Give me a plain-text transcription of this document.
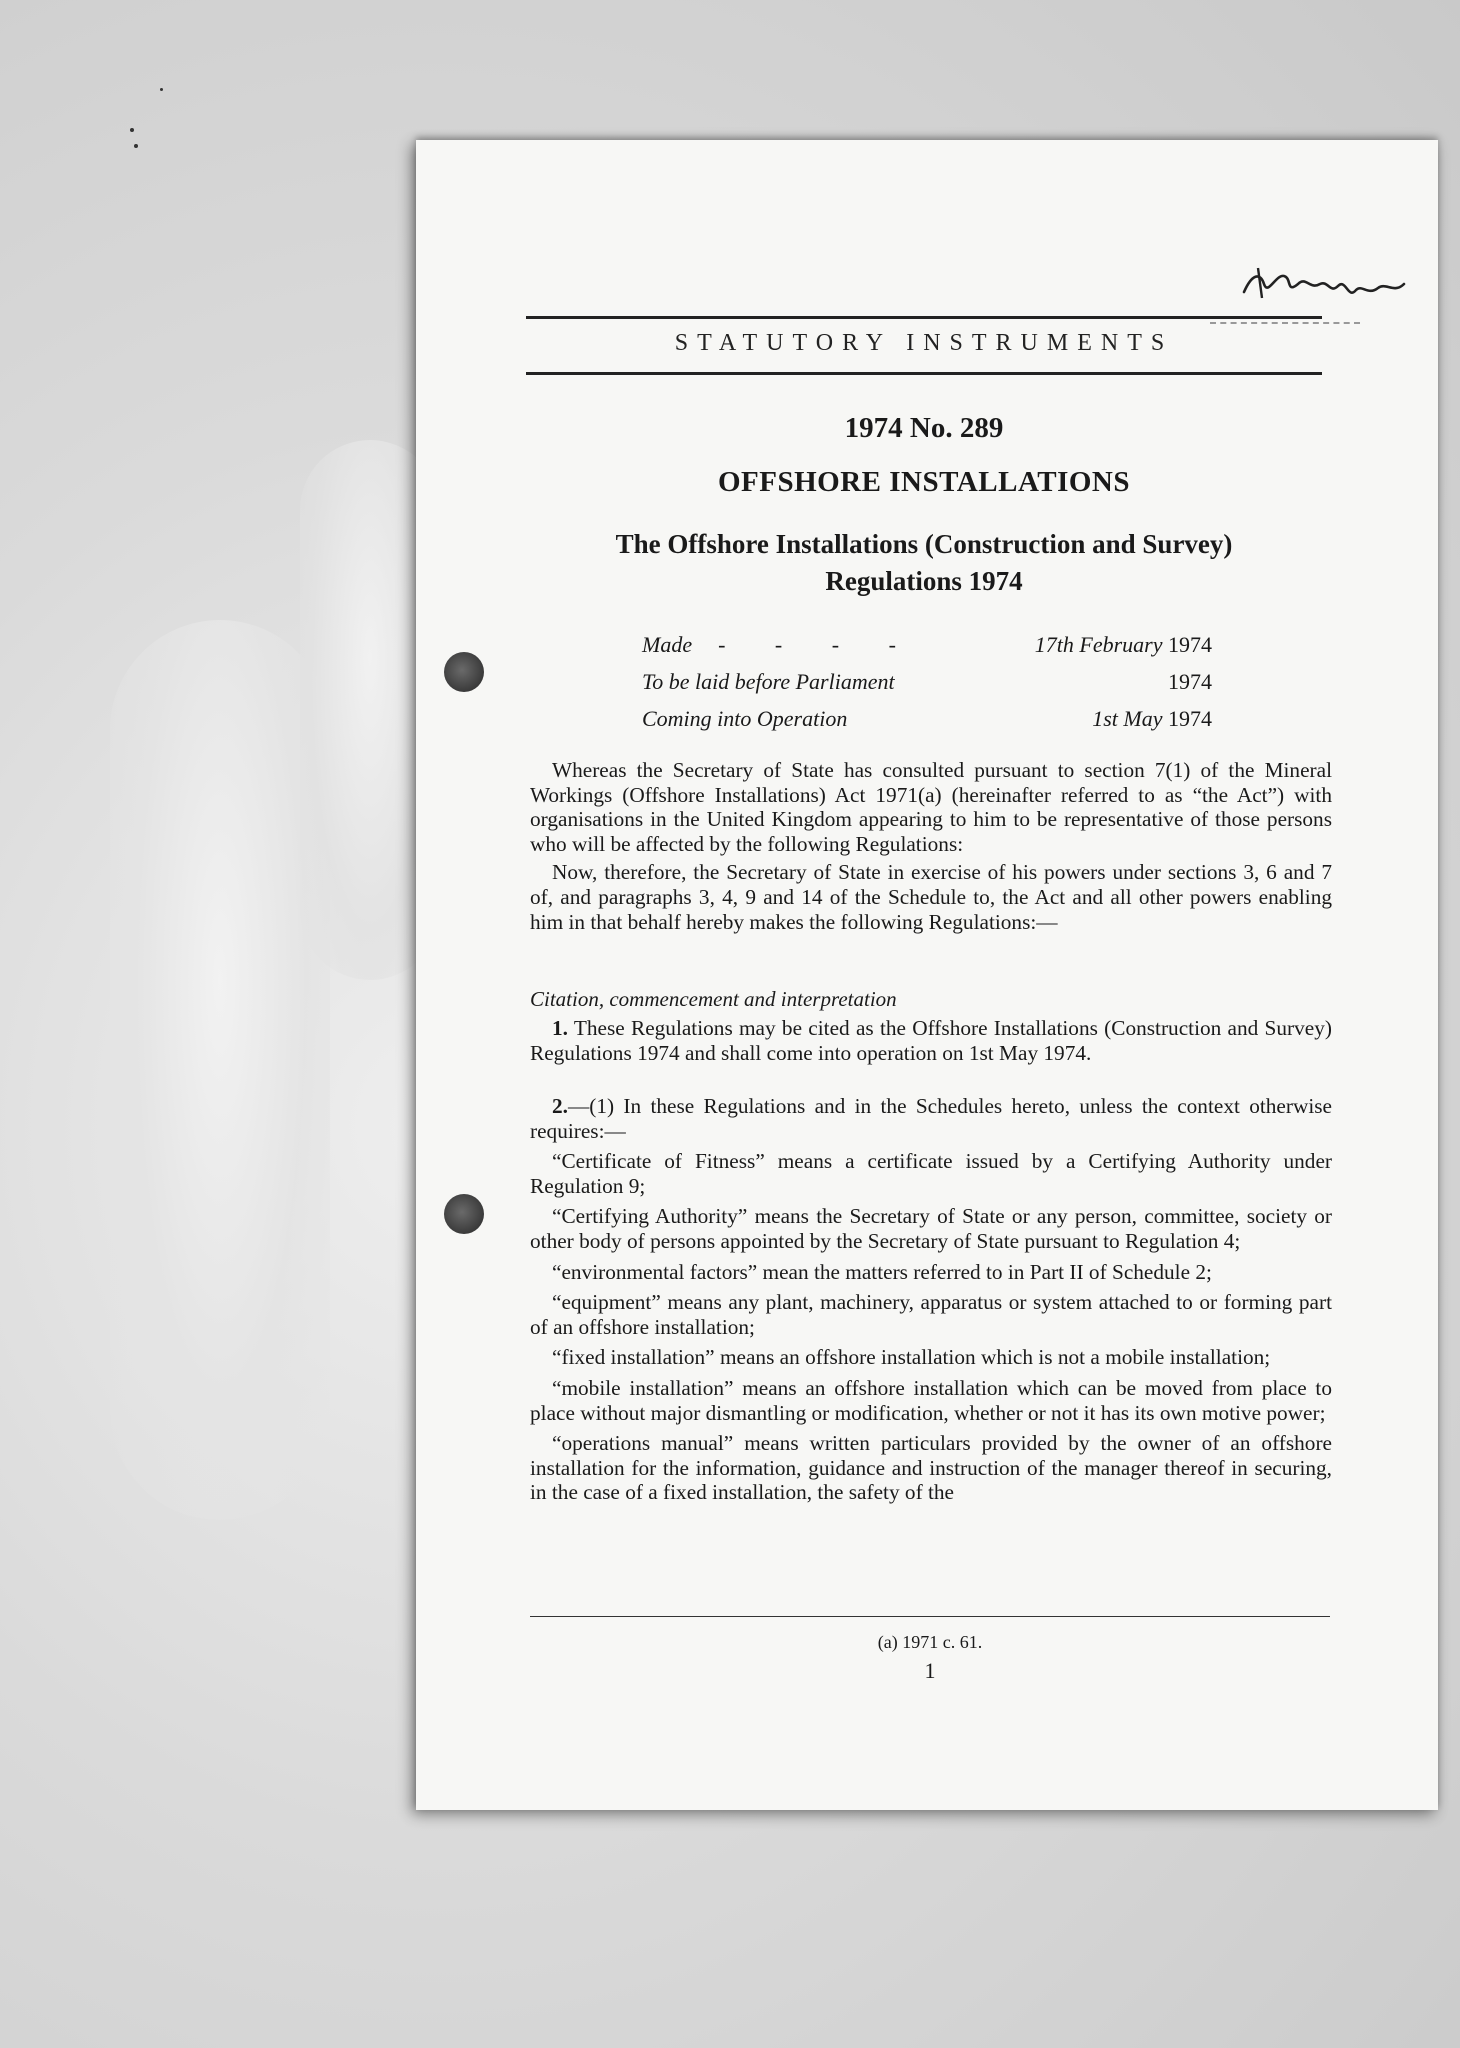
STATUTORY INSTRUMENTS
1974 No. 289
OFFSHORE INSTALLATIONS
The Offshore Installations (Construction and Survey)
Regulations 1974
Made - - - -	17th February 1974
To be laid before Parliament	1974
Coming into Operation	1st May 1974

Whereas the Secretary of State has consulted pursuant to section 7(1) of the Mineral Workings (Offshore Installations) Act 1971(a) (hereinafter referred to as “the Act”) with organisations in the United Kingdom appearing to him to be representative of those persons who will be affected by the following Regulations:

Now, therefore, the Secretary of State in exercise of his powers under sections 3, 6 and 7 of, and paragraphs 3, 4, 9 and 14 of the Schedule to, the Act and all other powers enabling him in that behalf hereby makes the following Regulations:—

Citation, commencement and interpretation

1. These Regulations may be cited as the Offshore Installations (Construction and Survey) Regulations 1974 and shall come into operation on 1st May 1974.

2.—(1) In these Regulations and in the Schedules hereto, unless the context otherwise requires:—

“Certificate of Fitness” means a certificate issued by a Certifying Authority under Regulation 9;

“Certifying Authority” means the Secretary of State or any person, committee, society or other body of persons appointed by the Secretary of State pursuant to Regulation 4;

“environmental factors” mean the matters referred to in Part II of Schedule 2;

“equipment” means any plant, machinery, apparatus or system attached to or forming part of an offshore installation;

“fixed installation” means an offshore installation which is not a mobile installation;

“mobile installation” means an offshore installation which can be moved from place to place without major dismantling or modification, whether or not it has its own motive power;

“operations manual” means written particulars provided by the owner of an offshore installation for the information, guidance and instruction of the manager thereof in securing, in the case of a fixed installation, the safety of the

(a) 1971 c. 61.
1
